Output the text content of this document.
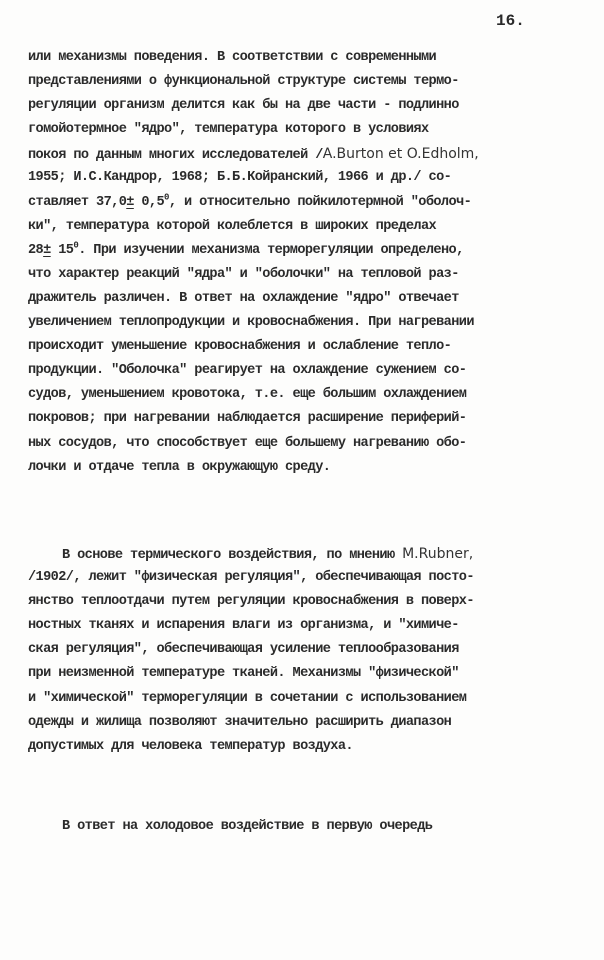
16.
или механизмы поведения. В соответствии с современными
представлениями о функциональной структуре системы термо-
регуляции организм делится как бы на две части - подлинно
гомойотермное "ядро", температура которого в условиях
покоя по данным многих исследователей /A.Burton et O.Edholm,
1955; И.С.Кандрор, 1968; Б.Б.Койранский, 1966 и др./ со-
ставляет $37,0\pm 0,5^0$, и относительно пойкилотермной "оболоч-
ки", температура которой колеблется в широких пределах
$28\pm 15^0$. При изучении механизма терморегуляции определено,
что характер реакций "ядра" и "оболочки" на тепловой раз-
дражитель различен. В ответ на охлаждение "ядро" отвечает
увеличением теплопродукции и кровоснабжения. При нагревании
происходит уменьшение кровоснабжения и ослабление тепло-
продукции. "Оболочка" реагирует на охлаждение сужением со-
судов, уменьшением кровотока, т.е. еще большим охлаждением
покровов; при нагревании наблюдается расширение периферий-
ных сосудов, что способствует еще большему нагреванию обо-
лочки и отдаче тепла в окружающую среду.
В основе термического воздействия, по мнению M.Rubner,
/1902/, лежит "физическая регуляция", обеспечивающая посто-
янство теплоотдачи путем регуляции кровоснабжения в поверх-
ностных тканях и испарения влаги из организма, и "химиче-
ская регуляция", обеспечивающая усиление теплообразования
при неизменной температуре тканей. Механизмы "физической"
и "химической" терморегуляции в сочетании с использованием
одежды и жилища позволяют значительно расширить диапазон
допустимых для человека температур воздуха.
В ответ на холодовое воздействие в первую очередь
